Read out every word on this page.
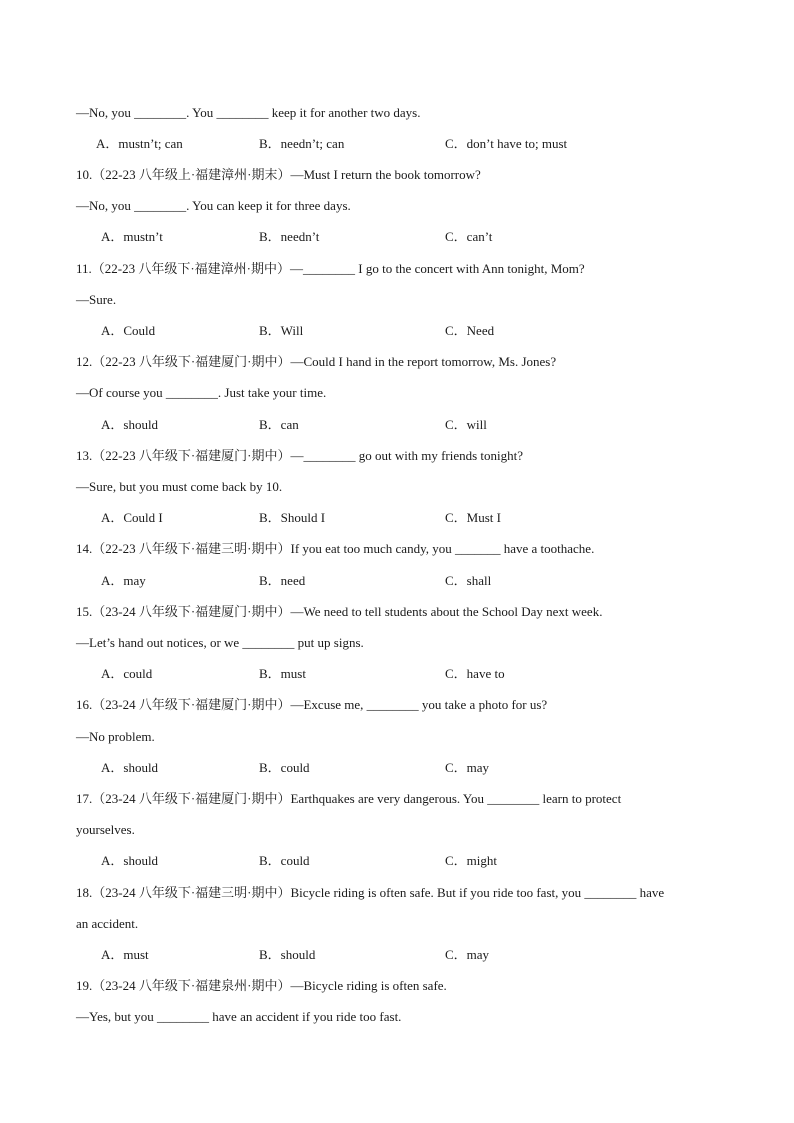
—No, you ________. You ________ keep it for another two days.
A．mustn’t; can	B．needn’t; can	C．don’t have to; must
10.（22-23 八年级上·福建漳州·期末）—Must I return the book tomorrow?
—No, you ________. You can keep it for three days.
A．mustn’t	B．needn’t	C．can’t
11.（22-23 八年级下·福建漳州·期中）—________ I go to the concert with Ann tonight, Mom?
—Sure.
A．Could	B．Will	C．Need
12.（22-23 八年级下·福建厦门·期中）—Could I hand in the report tomorrow, Ms. Jones?
—Of course you ________. Just take your time.
A．should	B．can	C．will
13.（22-23 八年级下·福建厦门·期中）—________ go out with my friends tonight?
—Sure, but you must come back by 10.
A．Could I	B．Should I	C．Must I
14.（22-23 八年级下·福建三明·期中）If you eat too much candy, you _______ have a toothache.
A．may	B．need	C．shall
15.（23-24 八年级下·福建厦门·期中）—We need to tell students about the School Day next week.
—Let’s hand out notices, or we ________ put up signs.
A．could	B．must	C．have to
16.（23-24 八年级下·福建厦门·期中）—Excuse me, ________ you take a photo for us?
—No problem.
A．should	B．could	C．may
17.（23-24 八年级下·福建厦门·期中）Earthquakes are very dangerous. You ________ learn to protect
yourselves.
A．should	B．could	C．might
18.（23-24 八年级下·福建三明·期中）Bicycle riding is often safe. But if you ride too fast, you ________ have
an accident.
A．must	B．should	C．may
19.（23-24 八年级下·福建泉州·期中）—Bicycle riding is often safe.
—Yes, but you ________ have an accident if you ride too fast.
